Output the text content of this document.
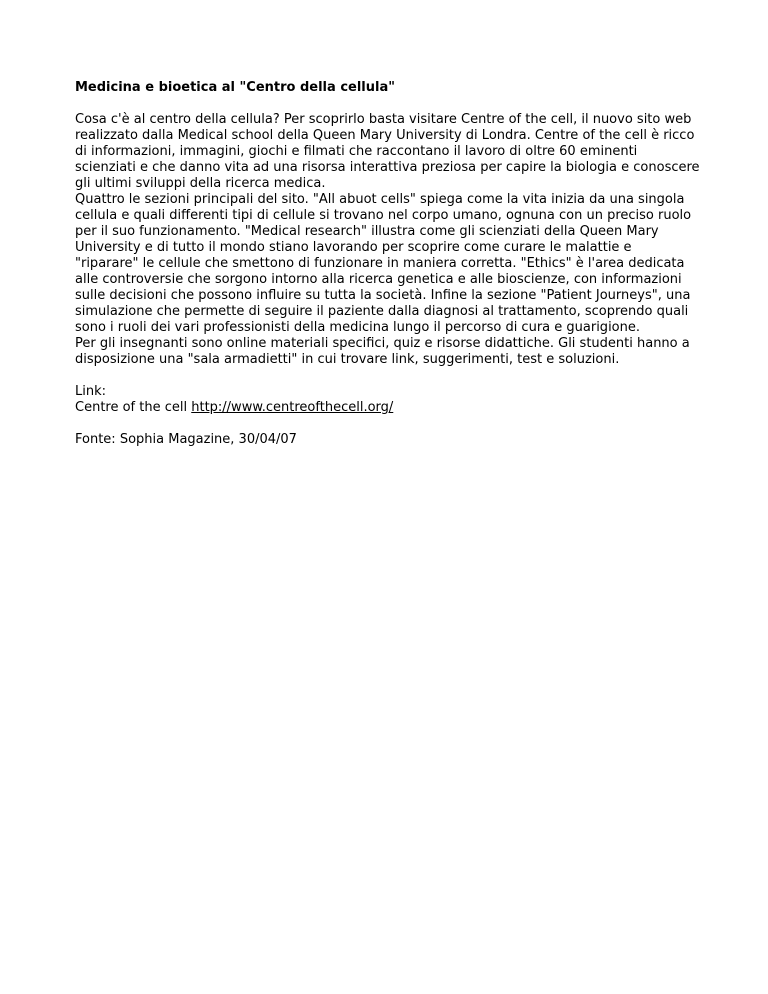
Medicina e bioetica al "Centro della cellula"
Cosa c'è al centro della cellula? Per scoprirlo basta visitare Centre of the cell, il nuovo sito web
realizzato dalla Medical school della Queen Mary University di Londra. Centre of the cell è ricco
di informazioni, immagini, giochi e filmati che raccontano il lavoro di oltre 60 eminenti
scienziati e che danno vita ad una risorsa interattiva preziosa per capire la biologia e conoscere
gli ultimi sviluppi della ricerca medica.
Quattro le sezioni principali del sito. "All abuot cells" spiega come la vita inizia da una singola
cellula e quali differenti tipi di cellule si trovano nel corpo umano, ognuna con un preciso ruolo
per il suo funzionamento. "Medical research" illustra come gli scienziati della Queen Mary
University e di tutto il mondo stiano lavorando per scoprire come curare le malattie e
"riparare" le cellule che smettono di funzionare in maniera corretta. "Ethics" è l'area dedicata
alle controversie che sorgono intorno alla ricerca genetica e alle bioscienze, con informazioni
sulle decisioni che possono influire su tutta la società. Infine la sezione "Patient Journeys", una
simulazione che permette di seguire il paziente dalla diagnosi al trattamento, scoprendo quali
sono i ruoli dei vari professionisti della medicina lungo il percorso di cura e guarigione.
Per gli insegnanti sono online materiali specifici, quiz e risorse didattiche. Gli studenti hanno a
disposizione una "sala armadietti" in cui trovare link, suggerimenti, test e soluzioni.
Link:
Centre of the cell http://www.centreofthecell.org/
Fonte: Sophia Magazine, 30/04/07
